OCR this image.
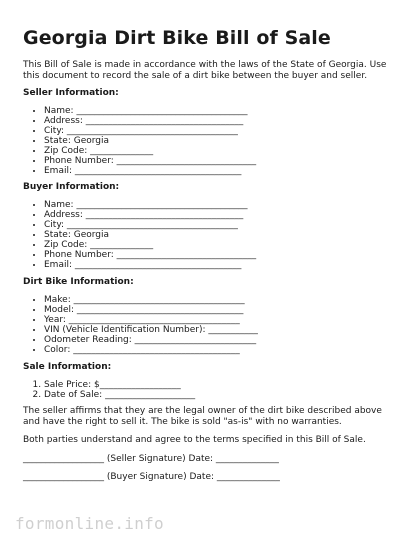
Georgia Dirt Bike Bill of Sale

This Bill of Sale is made in accordance with the laws of the State of Georgia. Use this document to record the sale of a dirt bike between the buyer and seller.

Seller Information:

• Name: ______________________________________
• Address: ___________________________________
• City: ______________________________________
• State: Georgia
• Zip Code: ______________
• Phone Number: _______________________________
• Email: _____________________________________

Buyer Information:

• Name: ______________________________________
• Address: ___________________________________
• City: ______________________________________
• State: Georgia
• Zip Code: ______________
• Phone Number: _______________________________
• Email: _____________________________________

Dirt Bike Information:

• Make: ______________________________________
• Model: _____________________________________
• Year: ______________________________________
• VIN (Vehicle Identification Number): ___________
• Odometer Reading: ___________________________
• Color: _____________________________________

Sale Information:

1. Sale Price: $__________________
2. Date of Sale: ____________________

The seller affirms that they are the legal owner of the dirt bike described above and have the right to sell it. The bike is sold "as-is" with no warranties.

Both parties understand and agree to the terms specified in this Bill of Sale.

__________________ (Seller Signature) Date: ______________

__________________ (Buyer Signature) Date: ______________

formonline.info
